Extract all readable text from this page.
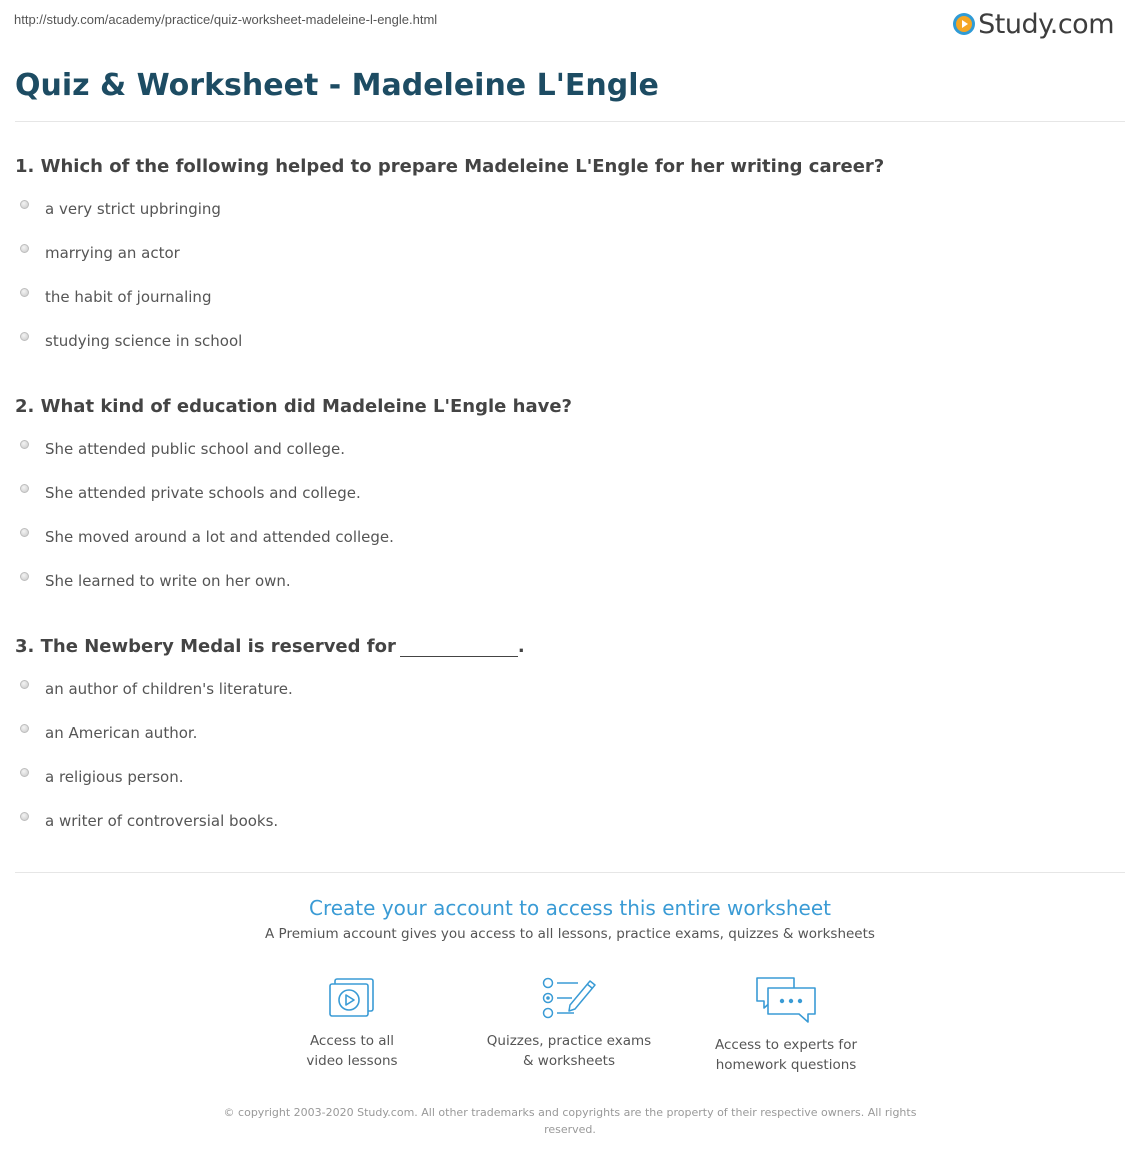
http://study.com/academy/practice/quiz-worksheet-madeleine-l-engle.html	Study.com
Quiz & Worksheet - Madeleine L'Engle
1. Which of the following helped to prepare Madeleine L'Engle for her writing career?
a very strict upbringing
marrying an actor
the habit of journaling
studying science in school
2. What kind of education did Madeleine L'Engle have?
She attended public school and college.
She attended private schools and college.
She moved around a lot and attended college.
She learned to write on her own.
3. The Newbery Medal is reserved for	.
an author of children's literature.
an American author.
a religious person.
a writer of controversial books.
Create your account to access this entire worksheet
A Premium account gives you access to all lessons, practice exams, quizzes & worksheets
Access to all
video lessons
Quizzes, practice exams
& worksheets
Access to experts for
homework questions
© copyright 2003-2020 Study.com. All other trademarks and copyrights are the property of their respective owners. All rights reserved.
